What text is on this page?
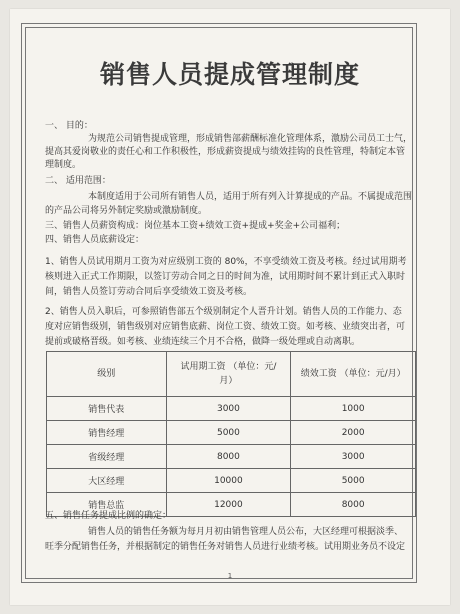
销售人员提成管理制度
一、 目的：
为规范公司销售提成管理，形成销售部薪酬标准化管理体系，激励公司员工士气，
提高其爱岗敬业的责任心和工作积极性，形成薪资提成与绩效挂钩的良性管理，特制定本管
理制度。
二、 适用范围：
本制度适用于公司所有销售人员，适用于所有列入计算提成的产品。不属提成范围
的产品公司将另外制定奖励或激励制度。
三、销售人员薪资构成：岗位基本工资+绩效工资+提成+奖金+公司福利；
四、销售人员底薪设定：
1、销售人员试用期月工资为对应级别工资的 80%，不享受绩效工资及考核。经过试用期考
核则进入正式工作期限，以签订劳动合同之日的时间为准，试用期时间不累计到正式入职时
间，销售人员签订劳动合同后享受绩效工资及考核。
2、销售人员入职后，可参照销售部五个级别制定个人晋升计划。销售人员的工作能力、态
度对应销售级别，销售级别对应销售底薪、岗位工资、绩效工资。如考核、业绩突出者，可
提前或破格晋级。如考核、业绩连续三个月不合格，做降一级处理或自动离职。
级别	试用期工资 （单位：元/
月）	绩效工资 （单位：元/月）
销售代表	3000	1000
销售经理	5000	2000
省级经理	8000	3000
大区经理	10000	5000
销售总监	12000	8000
五、销售任务提成比例的确定：
销售人员的销售任务额为每月月初由销售管理人员公布，大区经理可根据淡季、
旺季分配销售任务，并根据制定的销售任务对销售人员进行业绩考核。试用期业务员不设定
1
